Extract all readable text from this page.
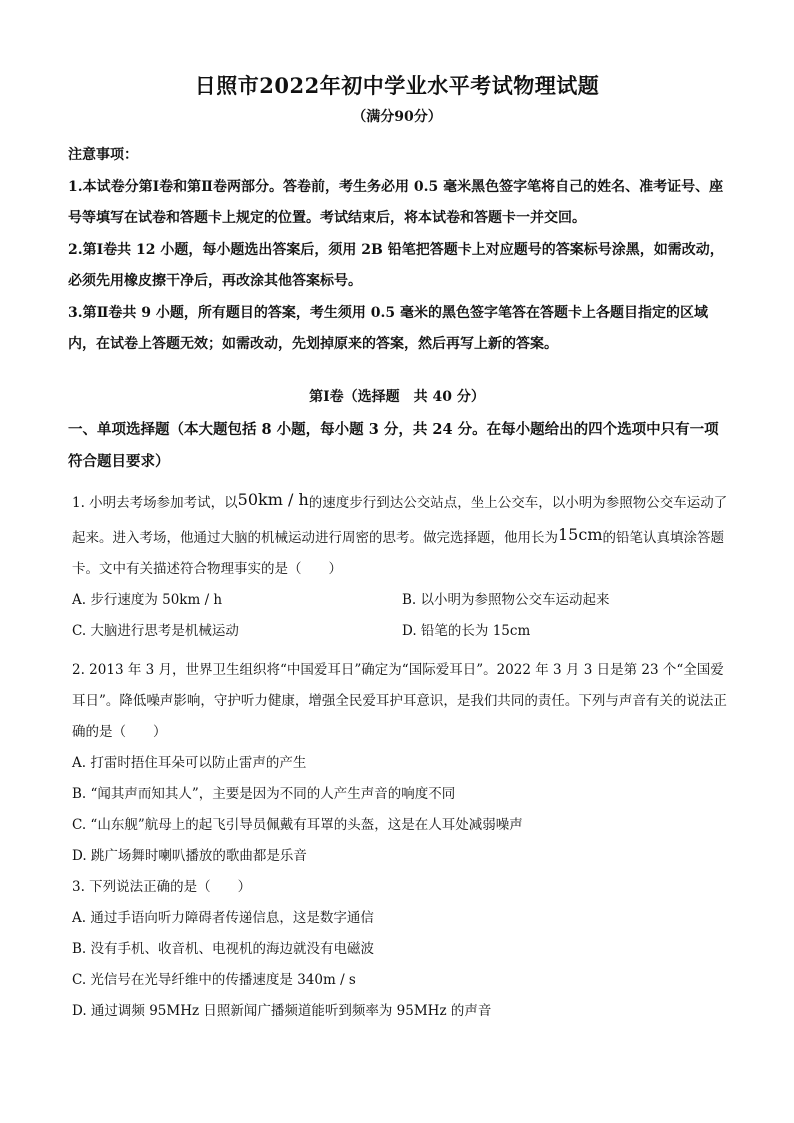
日照市2022年初中学业水平考试物理试题
（满分90分）

注意事项：

1.本试卷分第Ⅰ卷和第Ⅱ卷两部分。答卷前，考生务必用 0.5 毫米黑色签字笔将自己的姓名、准考证号、座号等填写在试卷和答题卡上规定的位置。考试结束后，将本试卷和答题卡一并交回。

2.第Ⅰ卷共 12 小题，每小题选出答案后，须用 2B 铅笔把答题卡上对应题号的答案标号涂黑，如需改动，必须先用橡皮擦干净后，再改涂其他答案标号。

3.第Ⅱ卷共 9 小题，所有题目的答案，考生须用 0.5 毫米的黑色签字笔答在答题卡上各题目指定的区域内，在试卷上答题无效；如需改动，先划掉原来的答案，然后再写上新的答案。

第Ⅰ卷（选择题　共 40 分）
一、单项选择题（本大题包括 8 小题，每小题 3 分，共 24 分。在每小题给出的四个选项中只有一项符合题目要求）

1. 小明去考场参加考试，以50km / h的速度步行到达公交站点，坐上公交车，以小明为参照物公交车运动了起来。进入考场，他通过大脑的机械运动进行周密的思考。做完选择题，他用长为15cm的铅笔认真填涂答题卡。文中有关描述符合物理事实的是（　　）

A. 步行速度为 50km / h	B. 以小明为参照物公交车运动起来
C. 大脑进行思考是机械运动	D. 铅笔的长为 15cm

2. 2013 年 3 月，世界卫生组织将“中国爱耳日”确定为“国际爱耳日”。2022 年 3 月 3 日是第 23 个“全国爱耳日”。降低噪声影响，守护听力健康，增强全民爱耳护耳意识，是我们共同的责任。下列与声音有关的说法正确的是（　　）

A. 打雷时捂住耳朵可以防止雷声的产生

B. “闻其声而知其人”，主要是因为不同的人产生声音的响度不同

C. “山东舰”航母上的起飞引导员佩戴有耳罩的头盔，这是在人耳处减弱噪声

D. 跳广场舞时喇叭播放的歌曲都是乐音

3. 下列说法正确的是（　　）

A. 通过手语向听力障碍者传递信息，这是数字通信

B. 没有手机、收音机、电视机的海边就没有电磁波

C. 光信号在光导纤维中的传播速度是 340m / s

D. 通过调频 95MHz 日照新闻广播频道能听到频率为 95MHz 的声音
